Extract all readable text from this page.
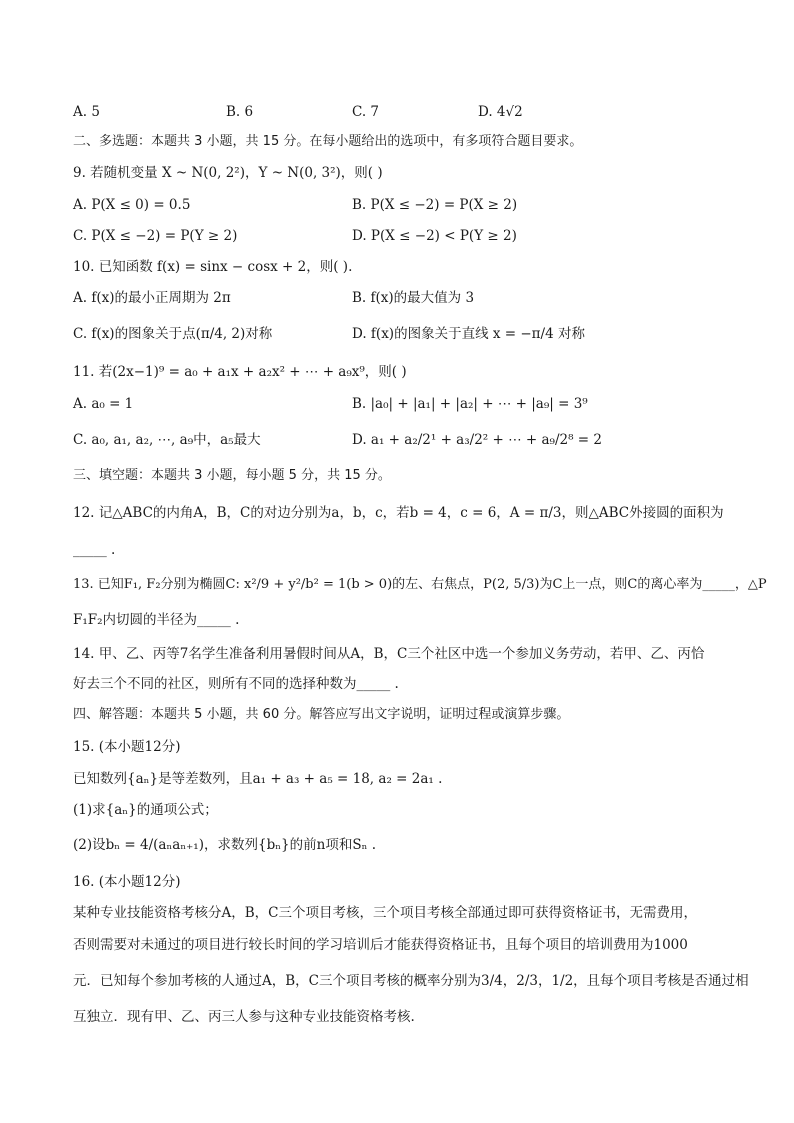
A. 5	B. 6	C. 7	D. 4√2
二、多选题：本题共 3 小题，共 15 分。在每小题给出的选项中，有多项符合题目要求。
9. 若随机变量 X ~ N(0, 2²)，Y ~ N(0, 3²)，则( )
A. P(X ≤ 0) = 0.5	B. P(X ≤ −2) = P(X ≥ 2)
C. P(X ≤ −2) = P(Y ≥ 2)	D. P(X ≤ −2) < P(Y ≥ 2)
10. 已知函数 f(x) = sinx − cosx + 2，则( ).
A. f(x)的最小正周期为 2π	B. f(x)的最大值为 3
C. f(x)的图象关于点(π/4, 2)对称	D. f(x)的图象关于直线 x = −π/4 对称
11. 若(2x−1)⁹ = a₀ + a₁x + a₂x² + ⋯ + a₉x⁹，则( )
A. a₀ = 1	B. |a₀| + |a₁| + |a₂| + ⋯ + |a₉| = 3⁹
C. a₀, a₁, a₂, ⋯, a₉中，a₅最大	D. a₁ + a₂/2¹ + a₃/2² + ⋯ + a₉/2⁸ = 2
三、填空题：本题共 3 小题，每小题 5 分，共 15 分。
12. 记△ABC的内角A，B，C的对边分别为a，b，c，若b = 4，c = 6，A = π/3，则△ABC外接圆的面积为
_____ .
13. 已知F₁, F₂分别为椭圆C: x²/9 + y²/b² = 1(b > 0)的左、右焦点，P(2, 5/3)为C上一点，则C的离心率为_____，△P
F₁F₂内切圆的半径为_____ .
14. 甲、乙、丙等7名学生准备利用暑假时间从A，B，C三个社区中选一个参加义务劳动，若甲、乙、丙恰
好去三个不同的社区，则所有不同的选择种数为_____ .
四、解答题：本题共 5 小题，共 60 分。解答应写出文字说明，证明过程或演算步骤。
15. (本小题12分)
已知数列{aₙ}是等差数列，且a₁ + a₃ + a₅ = 18, a₂ = 2a₁ .
(1)求{aₙ}的通项公式；
(2)设bₙ = 4/(aₙaₙ₊₁)，求数列{bₙ}的前n项和Sₙ .
16. (本小题12分)
某种专业技能资格考核分A，B，C三个项目考核，三个项目考核全部通过即可获得资格证书，无需费用，
否则需要对未通过的项目进行较长时间的学习培训后才能获得资格证书，且每个项目的培训费用为1000
元．已知每个参加考核的人通过A，B，C三个项目考核的概率分别为3/4，2/3，1/2，且每个项目考核是否通过相
互独立．现有甲、乙、丙三人参与这种专业技能资格考核.
